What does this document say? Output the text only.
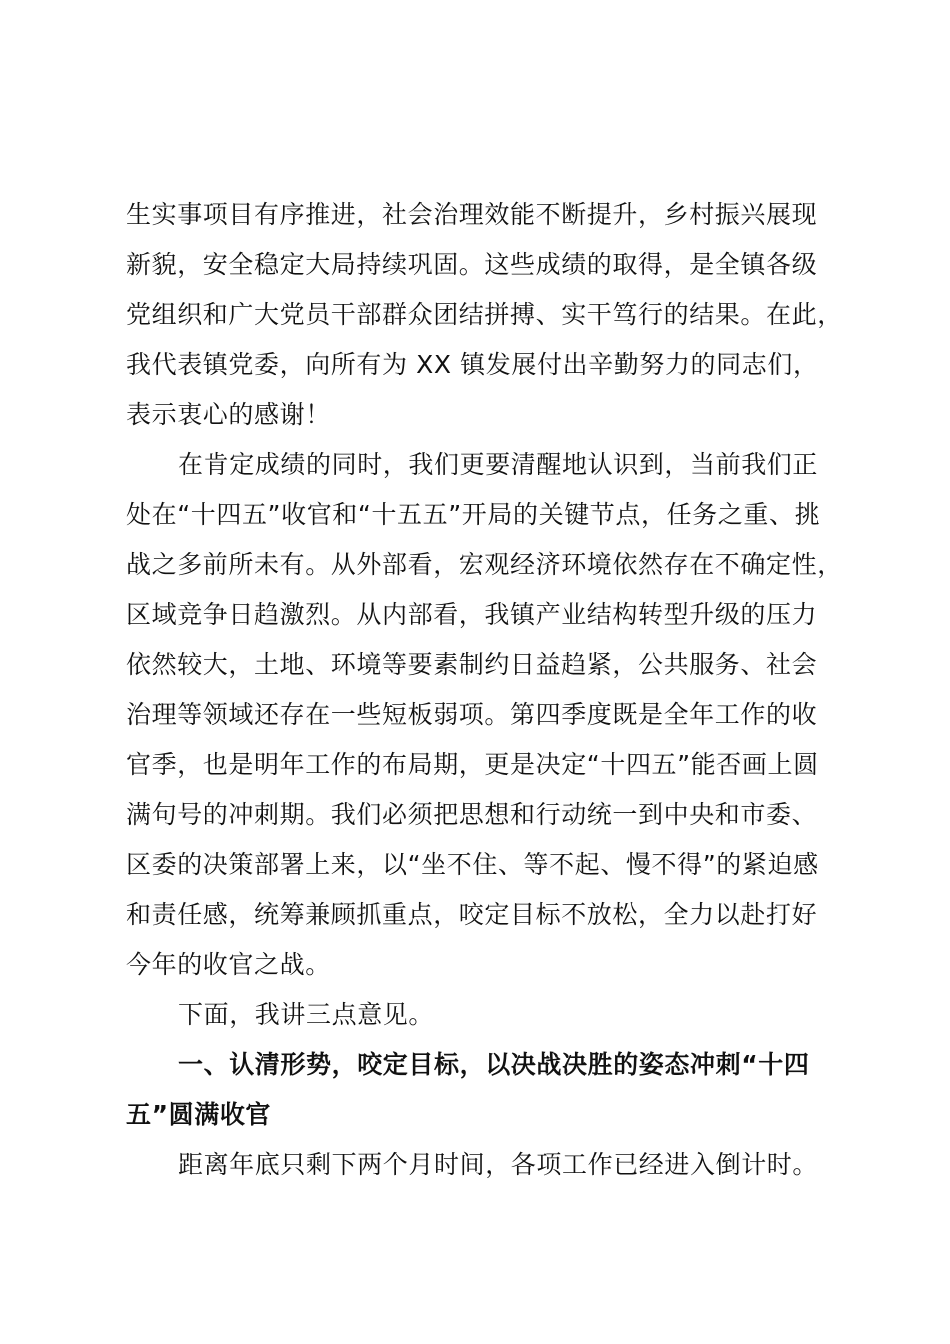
生实事项目有序推进，社会治理效能不断提升，乡村振兴展现
新貌，安全稳定大局持续巩固。这些成绩的取得，是全镇各级
党组织和广大党员干部群众团结拼搏、实干笃行的结果。在此，
我代表镇党委，向所有为 XX 镇发展付出辛勤努力的同志们，
表示衷心的感谢！
在肯定成绩的同时，我们更要清醒地认识到，当前我们正
处在“十四五”收官和“十五五”开局的关键节点，任务之重、挑
战之多前所未有。从外部看，宏观经济环境依然存在不确定性，
区域竞争日趋激烈。从内部看，我镇产业结构转型升级的压力
依然较大，土地、环境等要素制约日益趋紧，公共服务、社会
治理等领域还存在一些短板弱项。第四季度既是全年工作的收
官季，也是明年工作的布局期，更是决定“十四五”能否画上圆
满句号的冲刺期。我们必须把思想和行动统一到中央和市委、
区委的决策部署上来，以“坐不住、等不起、慢不得”的紧迫感
和责任感，统筹兼顾抓重点，咬定目标不放松，全力以赴打好
今年的收官之战。
下面，我讲三点意见。
一、认清形势，咬定目标，以决战决胜的姿态冲刺“十四
五”圆满收官
距离年底只剩下两个月时间，各项工作已经进入倒计时。
